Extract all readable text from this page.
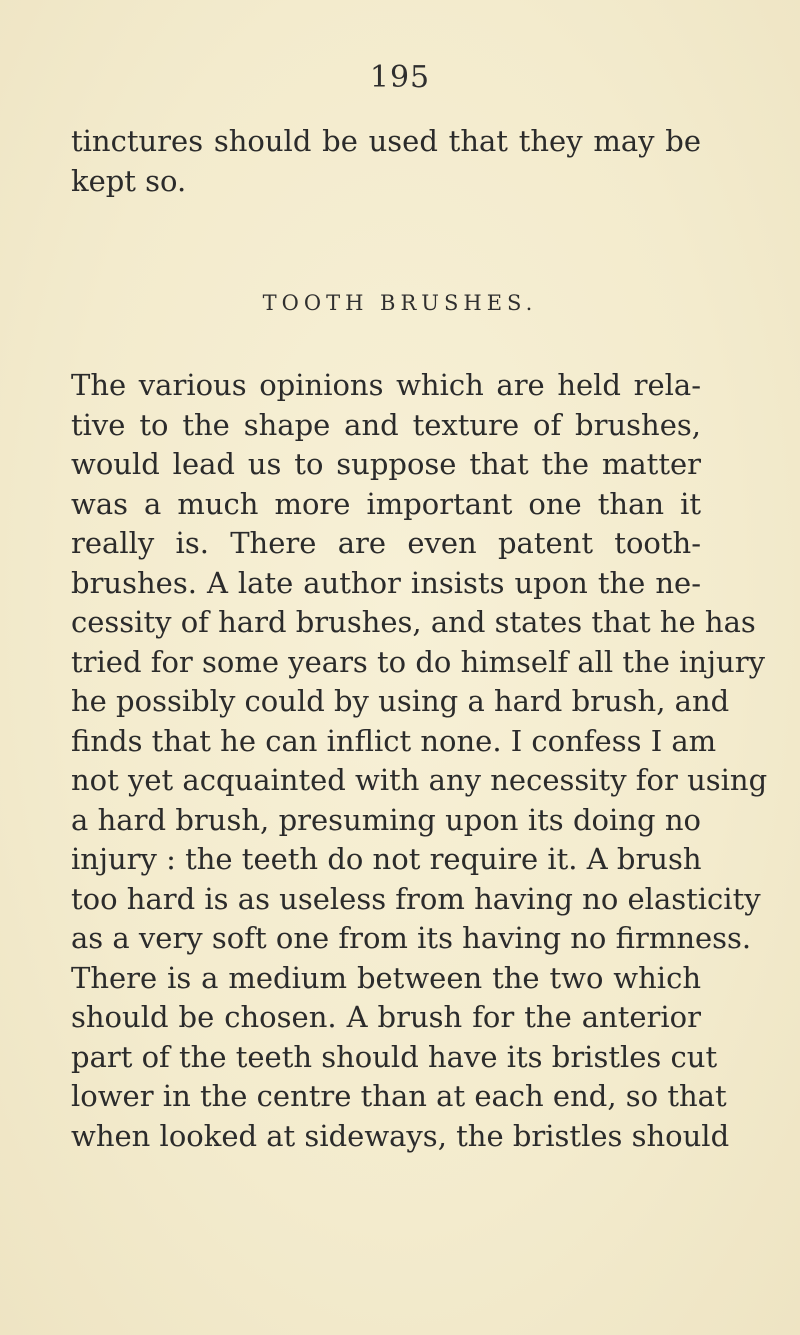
195
tinctures should be used that they may be
kept so.
TOOTH BRUSHES.
The various opinions which are held rela-
tive to the shape and texture of brushes,
would lead us to suppose that the matter
was a much more important one than it
really is. There are even patent tooth-
brushes. A late author insists upon the ne-
cessity of hard brushes, and states that he has
tried for some years to do himself all the injury
he possibly could by using a hard brush, and
finds that he can inflict none. I confess I am
not yet acquainted with any necessity for using
a hard brush, presuming upon its doing no
injury : the teeth do not require it. A brush
too hard is as useless from having no elasticity
as a very soft one from its having no firmness.
There is a medium between the two which
should be chosen. A brush for the anterior
part of the teeth should have its bristles cut
lower in the centre than at each end, so that
when looked at sideways, the bristles should
